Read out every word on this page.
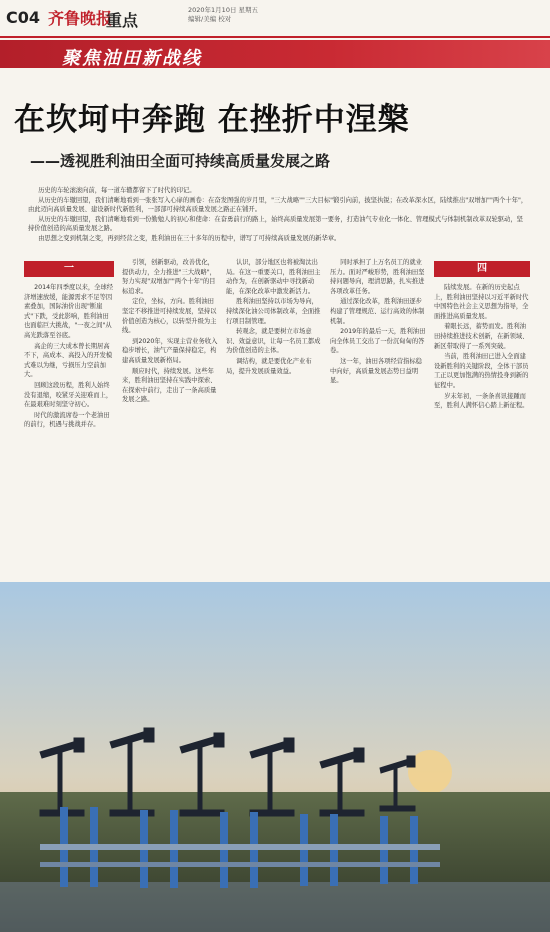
C04 齐鲁晚报
重点
2020年1月10日 星期五
编辑/美编 校对
聚焦油田新战线
在坎坷中奔跑 在挫折中涅槃
——透视胜利油田全面可持续高质量发展之路

历史的车轮滚滚向前，每一道车辙都留下了时代的印记。

从历史的车辙回望，我们清晰地看到一张张写入心扉的画卷：在奋发图强的岁月里，"三大战略""三大目标"锻引向前，披坚执锐；在改革深水区，陆续推出"双增加""两个十年"，由此迈向高质量发展、建设新时代新胜利，一部部可持续高质量发展之路正在铺开。

从历史的车辙回望，我们清晰地看到一份勤勉人的初心和使命：在奋勇前行的路上，始终高质量发展第一要务，打造油气专业化一体化、管理模式与体制机制改革双轮驱动，坚持价值创造的高质量发展之路。

由思想之变到机制之变，再到经营之变，胜利油田在三十多年的历程中，谱写了可持续高质量发展的新华章。

一

2014年四季度以来，全球经济增速放缓，能源需求不足等因素叠加，国际油价出现"断崖式"下跌，受此影响，胜利油田也面临巨大挑战，"一夜之间"从高光跌落至谷底。

高企的三大成本曾长期居高不下，高成本、高投入的开发模式难以为继，亏损压力空前加大。

回顾这段历程，胜利人始终没有退缩，咬紧牙关迎难而上，在最艰难时刻坚守初心。

时代的激流席卷一个老油田的前行，机遇与挑战并存。

引领，创新驱动，改善优化，提供动力，全力推进"三大战略"，努力实现"双增加""两个十年"的目标追求。

定位，坐标，方向。胜利油田坚定不移推进可持续发展，坚持以价值创造为核心，以转型升级为主线。

到2020年，实现主营业务收入稳步增长，油气产量保持稳定，构建高质量发展新格局。

顺应时代，持续发展。这些年来，胜利油田坚持在实践中探索、在探索中前行，走出了一条高质量发展之路。

认识，部分地区也将被淘汰出局。在这一重要关口，胜利油田主动作为，在创新驱动中寻找新动能，在深化改革中激发新活力。

胜利油田坚持以市场为导向，持续深化油公司体制改革，全面推行项目制管理。

转观念，就是要树立市场意识、效益意识，让每一名员工都成为价值创造的主体。

调结构，就是要优化产业布局，提升发展质量效益。

同时承担了上万名员工的就业压力。面对严峻形势，胜利油田坚持问题导向，理清思路，扎实推进各项改革任务。

通过深化改革，胜利油田逐步构建了管理规范、运行高效的体制机制。

2019年的最后一天，胜利油田向全体员工交出了一份沉甸甸的答卷。

这一年，油田各项经营指标稳中向好，高质量发展态势日益明显。

四

陆续发展。在新的历史起点上，胜利油田坚持以习近平新时代中国特色社会主义思想为指导，全面推进高质量发展。

着眼长远，蓄势而发。胜利油田持续推进技术创新，在新领域、新区带取得了一系列突破。

当前，胜利油田已进入全面建设新胜利的关键阶段，全体干部员工正以更加饱满的热情投身到新的征程中。

岁末年初，一条条喜讯接踵而至，胜利人满怀信心踏上新征程。
